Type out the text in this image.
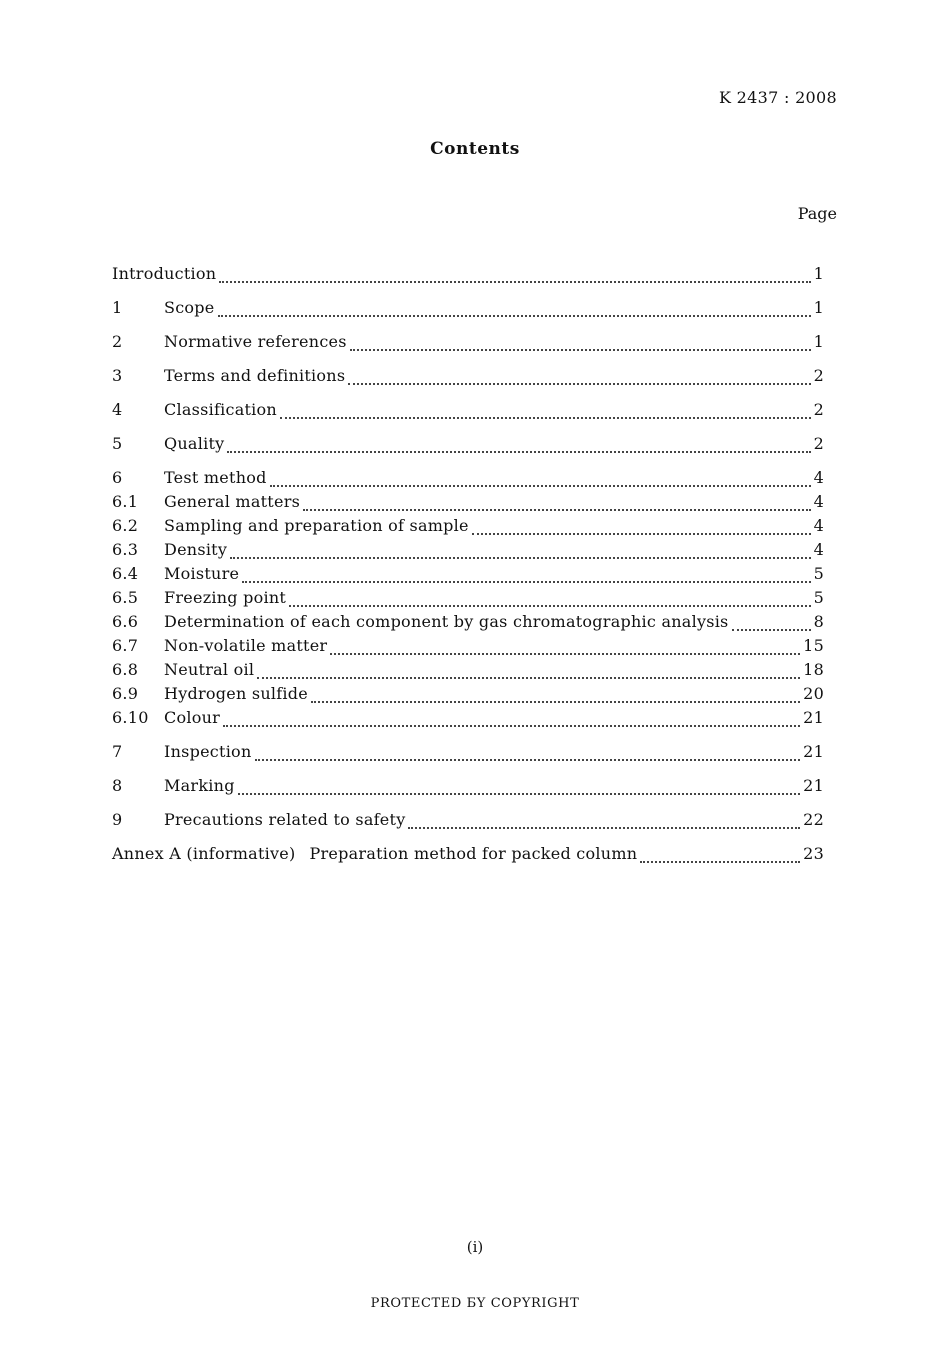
K 2437 : 2008
Contents
Page
Introduction	1
1	Scope	1
2	Normative references	1
3	Terms and definitions	2
4	Classification	2
5	Quality	2
6	Test method	4
6.1	General matters	4
6.2	Sampling and preparation of sample	4
6.3	Density	4
6.4	Moisture	5
6.5	Freezing point	5
6.6	Determination of each component by gas chromatographic analysis	8
6.7	Non-volatile matter	15
6.8	Neutral oil	18
6.9	Hydrogen sulfide	20
6.10 Colour	21
7	Inspection	21
8	Marking	21
9	Precautions related to safety	22
Annex A (informative) Preparation method for packed column	23
(i)
PROTECTED БY COPYRIGHT
